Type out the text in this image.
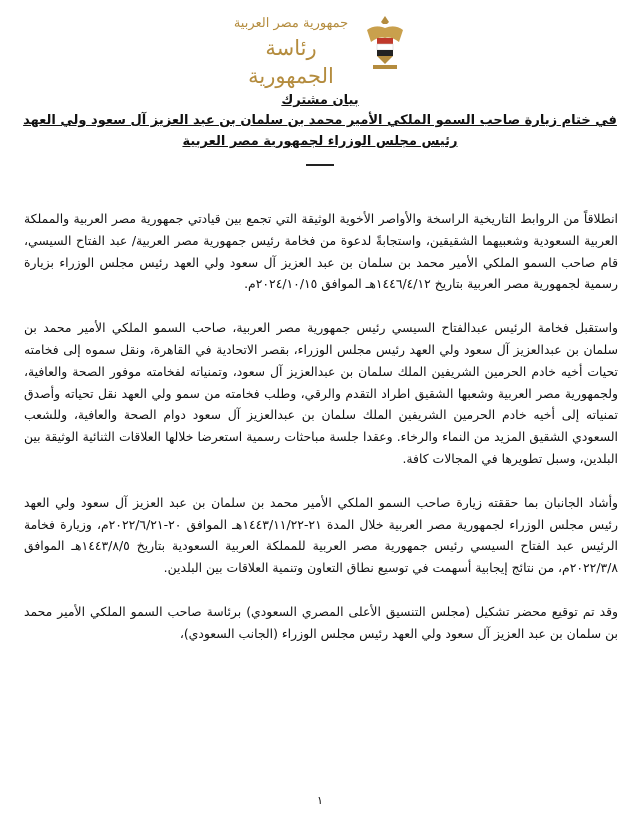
جمهورية مصر العربية
رئاسة الجمهورية
بيان مشترك
في ختام زيارة صاحب السمو الملكي الأمير محمد بن سلمان بن عبد العزيز آل سعود ولي العهد
رئيس مجلس الوزراء لجمهورية مصر العربية

انطلاقاً من الروابط التاريخية الراسخة والأواصر الأخوية الوثيقة التي تجمع بين قيادتي جمهورية مصر العربية والمملكة العربية السعودية وشعبيهما الشقيقين، واستجابةً لدعوة من فخامة رئيس جمهورية مصر العربية/ عبد الفتاح السيسي، قام صاحب السمو الملكي الأمير محمد بن سلمان بن عبد العزيز آل سعود ولي العهد رئيس مجلس الوزراء بزيارة رسمية لجمهورية مصر العربية بتاريخ ١٤٤٦/٤/١٢هـ الموافق ٢٠٢٤/١٠/١٥م.

واستقبل فخامة الرئيس عبدالفتاح السيسي رئيس جمهورية مصر العربية، صاحب السمو الملكي الأمير محمد بن سلمان بن عبدالعزيز آل سعود ولي العهد رئيس مجلس الوزراء، بقصر الاتحادية في القاهرة، ونقل سموه إلى فخامته تحيات أخيه خادم الحرمين الشريفين الملك سلمان بن عبدالعزيز آل سعود، وتمنياته لفخامته موفور الصحة والعافية، ولجمهورية مصر العربية وشعبها الشقيق اطراد التقدم والرقي، وطلب فخامته من سمو ولي العهد نقل تحياته وأصدق تمنياته إلى أخيه خادم الحرمين الشريفين الملك سلمان بن عبدالعزيز آل سعود دوام الصحة والعافية، وللشعب السعودي الشقيق المزيد من النماء والرخاء. وعقدا جلسة مباحثات رسمية استعرضا خلالها العلاقات الثنائية الوثيقة بين البلدين، وسبل تطويرها في المجالات كافة.

وأشاد الجانبان بما حققته زيارة صاحب السمو الملكي الأمير محمد بن سلمان بن عبد العزيز آل سعود ولي العهد رئيس مجلس الوزراء لجمهورية مصر العربية خلال المدة ٢١-١٤٤٣/١١/٢٢هـ الموافق ٢٠-٢٠٢٢/٦/٢١م، وزيارة فخامة الرئيس عبد الفتاح السيسي رئيس جمهورية مصر العربية للمملكة العربية السعودية بتاريخ ١٤٤٣/٨/٥هـ الموافق ٢٠٢٢/٣/٨م، من نتائج إيجابية أسهمت في توسيع نطاق التعاون وتنمية العلاقات بين البلدين.

وقد تم توقيع محضر تشكيل (مجلس التنسيق الأعلى المصري السعودي) برئاسة صاحب السمو الملكي الأمير محمد بن سلمان بن عبد العزيز آل سعود ولي العهد رئيس مجلس الوزراء (الجانب السعودي)،

١
